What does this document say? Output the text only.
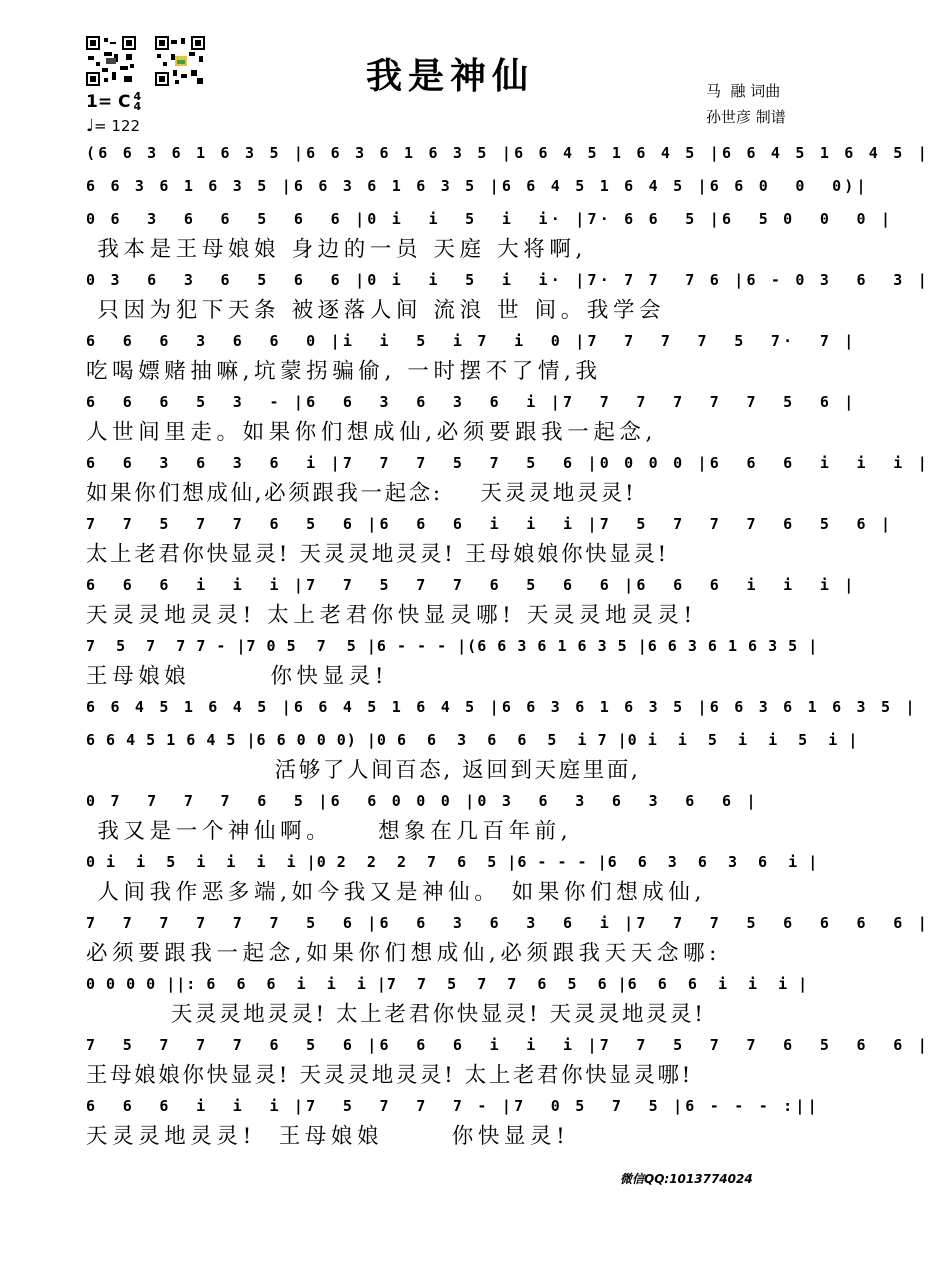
我是神仙	马  融 词曲
孙世彦 制谱
1= C 4
4
♩= 122
(6 6 3 6 1 6 3 5 |6 6 3 6 1 6 3 5 |6 6 4 5 1 6 4 5 |6 6 4 5 1 6 4 5 |
6 6 3 6 1 6 3 5 |6 6 3 6 1 6 3 5 |6 6 4 5 1 6 4 5 |6 6 0  0  0)|
0 6  3  6  6  5  6  6 |0 i  i  5  i  i· |7· 6 6  5 |6  5 0  0  0 |
我本是王母娘娘 身边的一员 天庭 大将啊,
0 3  6  3  6  5  6  6 |0 i  i  5  i  i· |7· 7 7  7 6 |6 - 0 3  6  3 |
只因为犯下天条 被逐落人间 流浪 世 间。我学会
6  6  6  3  6  6  0 |i  i  5  i 7  i  0 |7  7  7  7  5  7·  7 |
吃喝嫖赌抽嘛,坑蒙拐骗偷, 一时摆不了情,我
6  6  6  5  3  - |6  6  3  6  3  6  i |7  7  7  7  7  7  5  6 |
人世间里走。如果你们想成仙,必须要跟我一起念,
6  6  3  6  3  6  i |7  7  7  5  7  5  6 |0 0 0 0 |6  6  6  i  i  i |
如果你们想成仙,必须跟我一起念:    天灵灵地灵灵!
7  7  5  7  7  6  5  6 |6  6  6  i  i  i |7  5  7  7  7  6  5  6 |
太上老君你快显灵! 天灵灵地灵灵! 王母娘娘你快显灵!
6  6  6  i  i  i |7  7  5  7  7  6  5  6  6 |6  6  6  i  i  i |
天灵灵地灵灵! 太上老君你快显灵哪! 天灵灵地灵灵!
7  5  7  7 7 - |7 0 5  7  5 |6 - - - |(6 6 3 6 1 6 3 5 |6 6 3 6 1 6 3 5 |
王母娘娘       你快显灵!
6 6 4 5 1 6 4 5 |6 6 4 5 1 6 4 5 |6 6 3 6 1 6 3 5 |6 6 3 6 1 6 3 5 |
6 6 4 5 1 6 4 5 |6 6 0 0 0) |0 6  6  3  6  6  5  i 7 |0 i  i  5  i  i  5  i |
活够了人间百态, 返回到天庭里面,
0 7  7  7  7  6  5 |6  6 0 0 0 |0 3  6  3  6  3  6  6 |
我又是一个神仙啊。    想象在几百年前,
0 i  i  5  i  i  i  i |0 2  2  2  7  6  5 |6 - - - |6  6  3  6  3  6  i |
人间我作恶多端,如今我又是神仙。 如果你们想成仙,
7  7  7  7  7  7  5  6 |6  6  3  6  3  6  i |7  7  7  5  6  6  6  6 |
必须要跟我一起念,如果你们想成仙,必须跟我天天念哪:
0 0 0 0 ||: 6  6  6  i  i  i |7  7  5  7  7  6  5  6 |6  6  6  i  i  i |
天灵灵地灵灵! 太上老君你快显灵! 天灵灵地灵灵!
7  5  7  7  7  6  5  6 |6  6  6  i  i  i |7  7  5  7  7  6  5  6  6 |
王母娘娘你快显灵! 天灵灵地灵灵! 太上老君你快显灵哪!
6  6  6  i  i  i |7  5  7  7  7 - |7  0 5  7  5 |6 - - - :||
天灵灵地灵灵!  王母娘娘      你快显灵!
微信QQ:1013774024
